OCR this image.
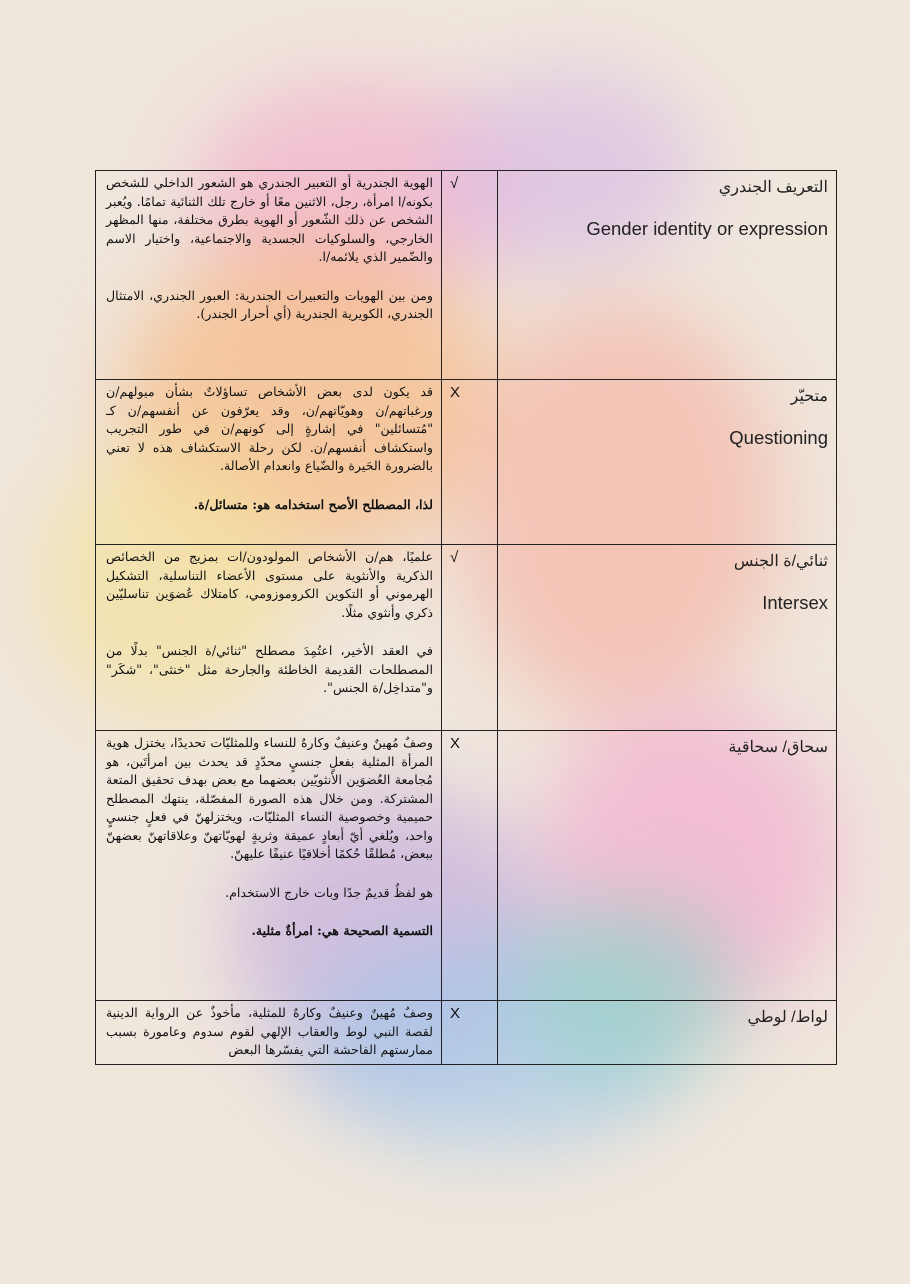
الهوية الجندرية أو التعبير الجندري هو الشعور الداخلي للشخص بكونه/ا امرأة، رجل، الاثنين معًا أو خارج تلك الثنائية تمامًا. ويُعبر الشخص عن ذلك الشّعور أو الهوية بطرق مختلفة، منها المظهر الخارجي، والسلوكيات الجسدية والاجتماعية، واختيار الاسم والضّمير الذي يلائمه/ا.

ومن بين الهويات والتعبيرات الجندرية: العبور الجندري، الامتثال الجندري، الكويرية الجندرية (أي أحرار الجندر).

√	التعريف الجندري
Gender identity or expression

قد يكون لدى بعض الأشخاص تساؤلاتٌ بشأن ميولهم/ن ورغباتهم/ن وهويّاتهم/ن، وقد يعرّفون عن أنفسهم/ن كـ "مُتسائلين" في إشارةٍ إلى كونهم/ن في طور التجريب واستكشاف أنفسهم/ن. لكن رحلة الاستكشاف هذه لا تعني بالضرورة الحَيرة والضّياع وانعدام الأصالة.

لذا، المصطلح الأصح استخدامه هو: متسائل/ة.

X	متحيّر
Questioning

علميًا، هم/ن الأشخاص المولودون/ات بمزيج من الخصائص الذكرية والأنثوية على مستوى الأعضاء التناسلية، التشكيل الهرموني أو التكوين الكروموزومي، كامتلاك عُضوَين تناسليّين ذكري وأنثوي مثلًا.

في العقد الأخير، اعتُمِدَ مصطلح "ثنائي/ة الجنس" بدلًا من المصطلحات القديمة الخاطئة والجارحة مثل "خنثى"، "شكَر" و"متداخِل/ة الجنس".

√	ثنائي/ة الجنس
Intersex

وصفٌ مُهينٌ وعنيفٌ وكارهٌ للنساء وللمثليّات تحديدًا، يختزل هوية المرأة المثلية بفعلٍ جنسيٍ محدّدٍ قد يحدث بين امرأتَين، هو مُجامعة العُضوَين الأنثويّين بعضهما مع بعض بهدف تحقيق المتعة المشتركة. ومن خلال هذه الصورة المفصّلة، ينتهك المصطلح حميمية وخصوصية النساء المثليّات، ويختزلهنّ في فعلٍ جنسيٍ واحد، ويُلغي أيّ أبعادٍ عميقة وثريةٍ لهويّاتهنّ وعلاقاتهنّ بعضهنّ ببعض، مُطلقًا حُكمًا أخلاقيًا عنيفًا عليهنّ.

هو لفظٌ قديمٌ جدًا وبات خارج الاستخدام.

التسمية الصحيحة هي: امرأةٌ مثلية.

X	سحاق/ سحاقية

وصفٌ مُهينٌ وعنيفٌ وكارهٌ للمثلية، مأخوذٌ عن الرواية الدينية لقصة النبي لوط والعقاب الإلهي لقوم سدوم وعامورة بسبب ممارستهم الفاحشة التي يفسّرها البعض

X	لواط/ لوطي
